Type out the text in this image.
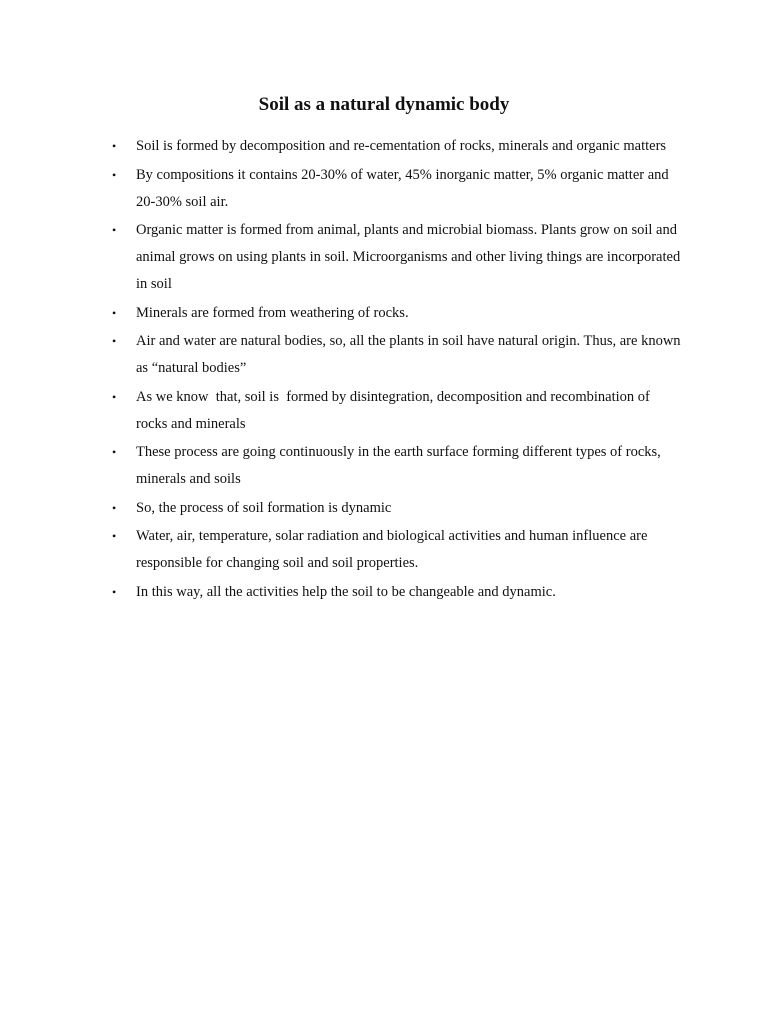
Soil as a natural dynamic body
•	Soil is formed by decomposition and re-cementation of rocks, minerals and organic matters
•	By compositions it contains 20-30% of water, 45% inorganic matter, 5% organic matter and 20-30% soil air.
•	Organic matter is formed from animal, plants and microbial biomass. Plants grow on soil and animal grows on using plants in soil. Microorganisms and other living things are incorporated in soil
•	Minerals are formed from weathering of rocks.
•	Air and water are natural bodies, so, all the plants in soil have natural origin. Thus, are known as “natural bodies”
•	As we know  that, soil is  formed by disintegration, decomposition and recombination of rocks and minerals
•	These process are going continuously in the earth surface forming different types of rocks, minerals and soils
•	So, the process of soil formation is dynamic
•	Water, air, temperature, solar radiation and biological activities and human influence are responsible for changing soil and soil properties.
•	In this way, all the activities help the soil to be changeable and dynamic.
